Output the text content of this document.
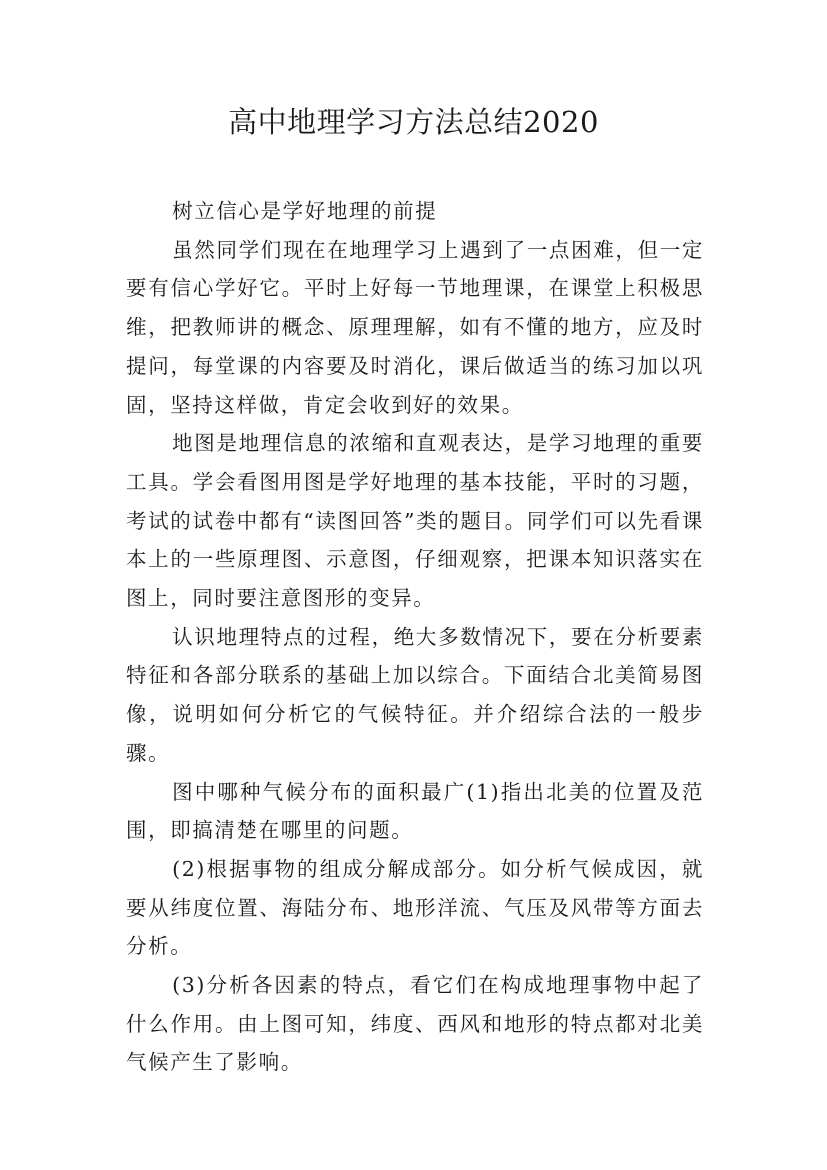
高中地理学习方法总结2020

树立信心是学好地理的前提

虽然同学们现在在地理学习上遇到了一点困难，但一定要有信心学好它。平时上好每一节地理课，在课堂上积极思维，把教师讲的概念、原理理解，如有不懂的地方，应及时提问，每堂课的内容要及时消化，课后做适当的练习加以巩固，坚持这样做，肯定会收到好的效果。

地图是地理信息的浓缩和直观表达，是学习地理的重要工具。学会看图用图是学好地理的基本技能，平时的习题，考试的试卷中都有“读图回答”类的题目。同学们可以先看课本上的一些原理图、示意图，仔细观察，把课本知识落实在图上，同时要注意图形的变异。

认识地理特点的过程，绝大多数情况下，要在分析要素特征和各部分联系的基础上加以综合。下面结合北美简易图像，说明如何分析它的气候特征。并介绍综合法的一般步骤。

图中哪种气候分布的面积最广(1)指出北美的位置及范围，即搞清楚在哪里的问题。

(2)根据事物的组成分解成部分。如分析气候成因，就要从纬度位置、海陆分布、地形洋流、气压及风带等方面去分析。

(3)分析各因素的特点，看它们在构成地理事物中起了什么作用。由上图可知，纬度、西风和地形的特点都对北美气候产生了影响。
